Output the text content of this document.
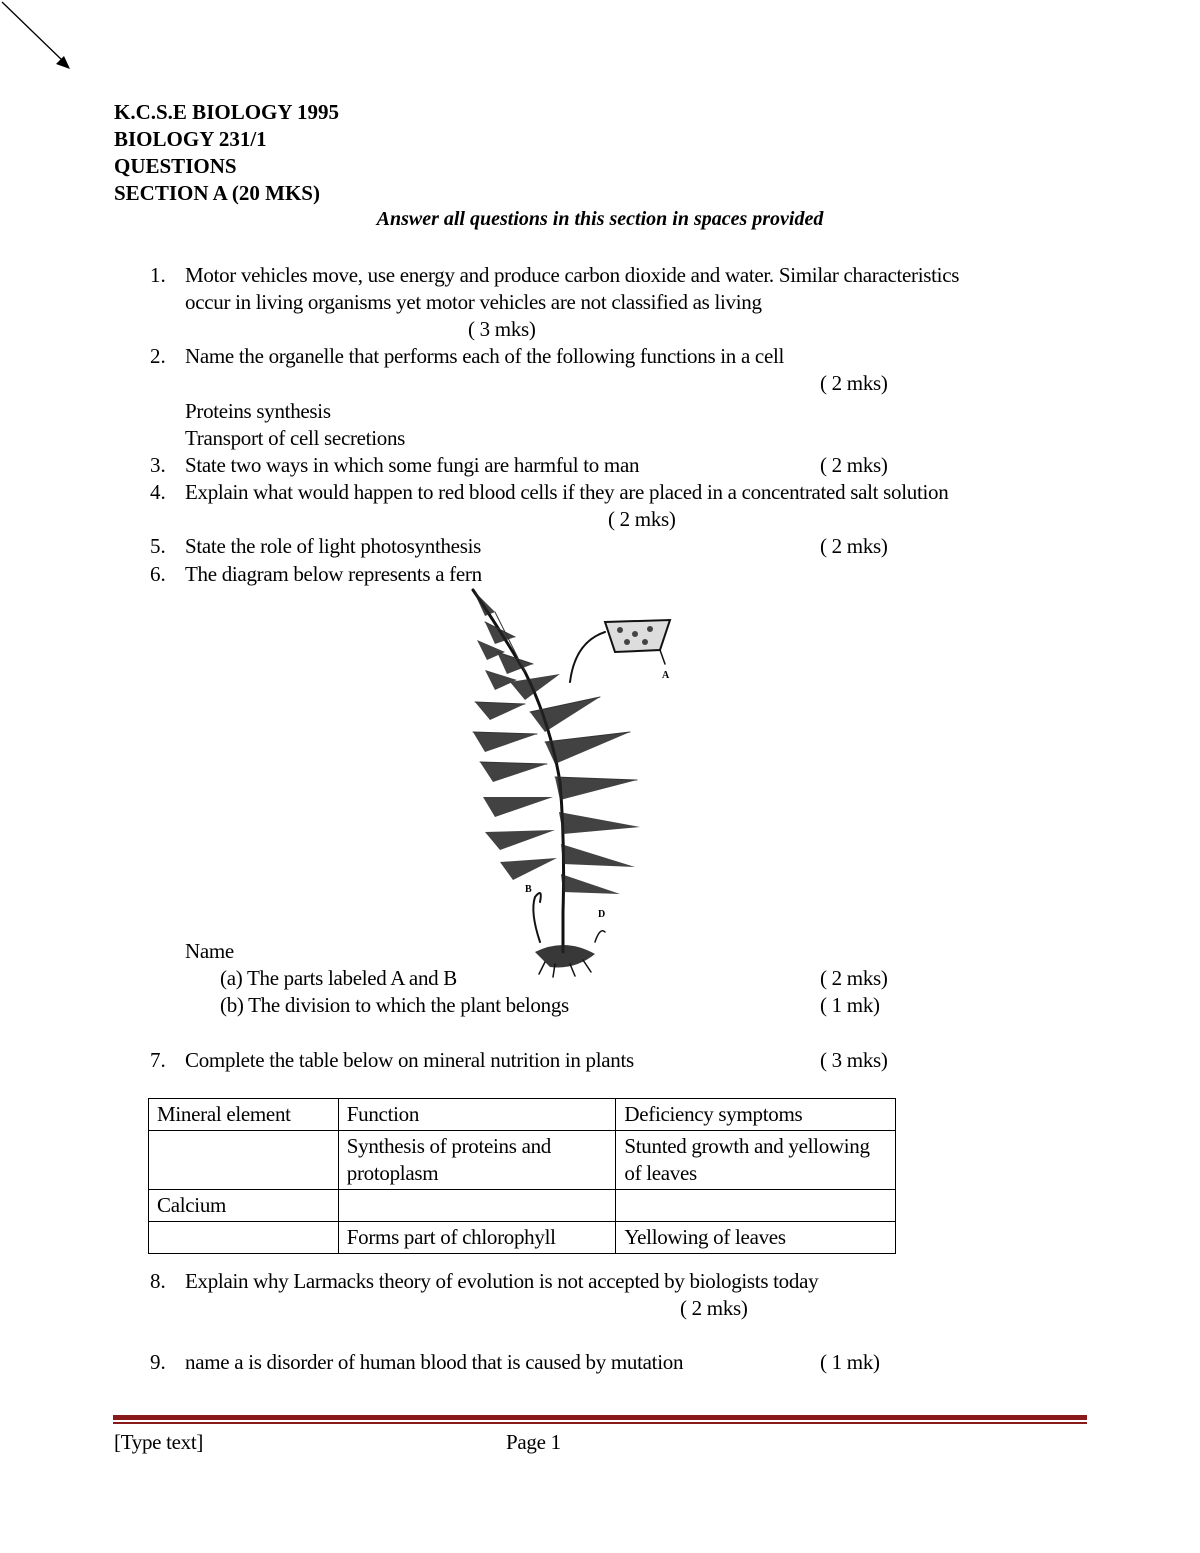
K.C.S.E BIOLOGY 1995
BIOLOGY 231/1
QUESTIONS
SECTION A (20 MKS)
Answer all questions in this section in spaces provided
1. Motor vehicles move, use energy and produce carbon dioxide and water. Similar characteristics
occur in living organisms yet motor vehicles are not classified as living
( 3 mks)
2. Name the organelle that performs each of the following functions in a cell
( 2 mks)
Proteins synthesis
Transport of cell secretions
3. State two ways in which some fungi are harmful to man	( 2 mks)
4. Explain what would happen to red blood cells if they are placed in a concentrated salt solution
( 2 mks)
5. State the role of light photosynthesis	( 2 mks)
6. The diagram below represents a fern
A
D
B
Name
(a) The parts labeled A and B	( 2 mks)
(b) The division to which the plant belongs	( 1 mk)
7. Complete the table below on mineral nutrition in plants	( 3 mks)
Mineral element	Function	Deficiency symptoms
	Synthesis of proteins and protoplasm	Stunted growth and yellowing of leaves
Calcium		
	Forms part of chlorophyll	Yellowing of leaves
8. Explain why Larmacks theory of evolution is not accepted by biologists today
( 2 mks)
9. name a is disorder of human blood that is caused by mutation	( 1 mk)
[Type text]	Page 1
